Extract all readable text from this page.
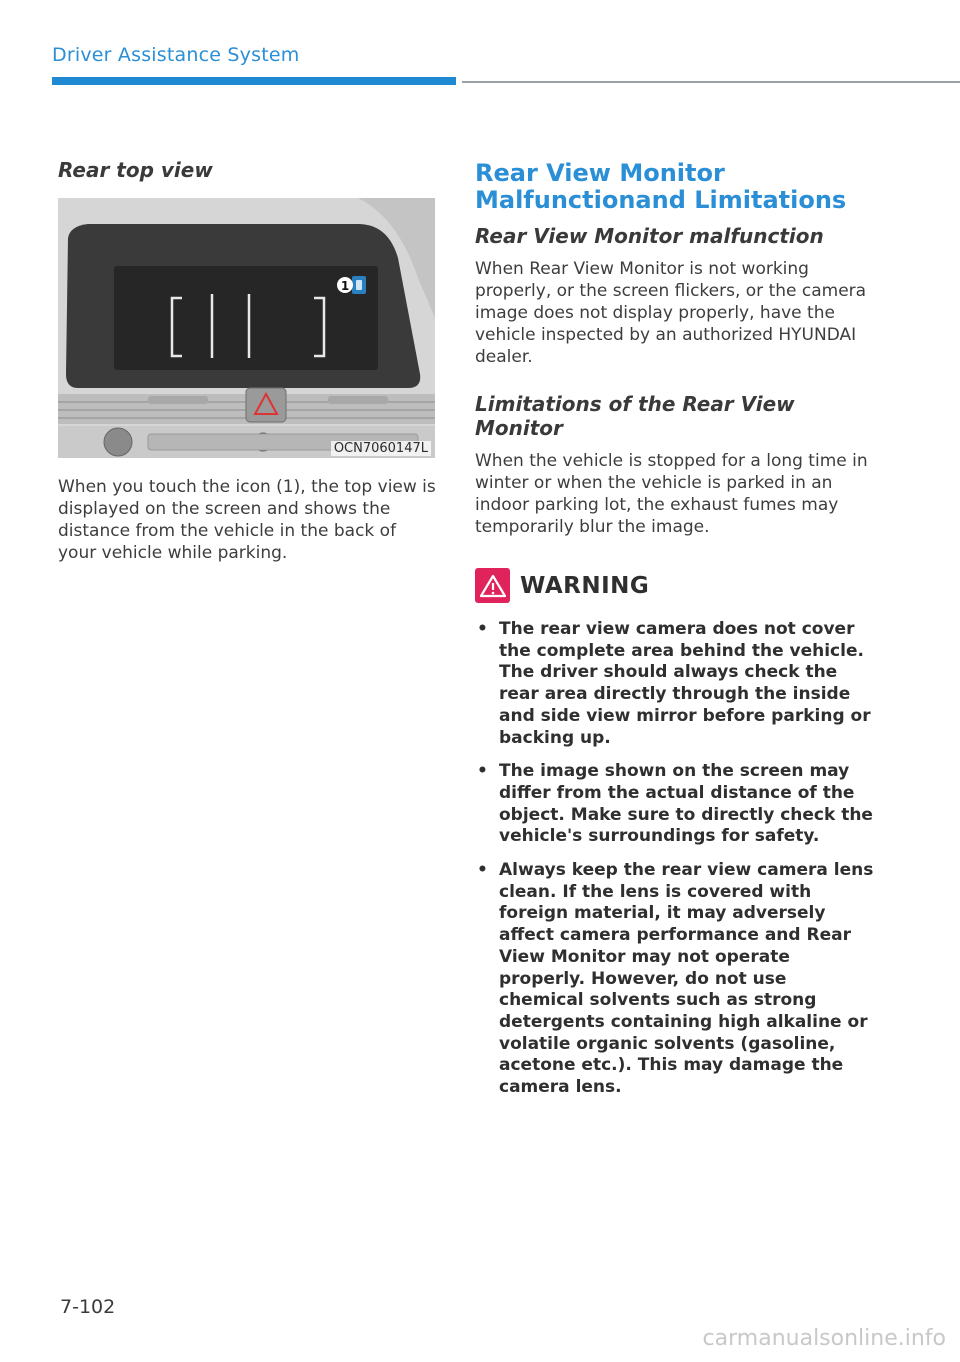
Driver Assistance System
Rear top view
1
OCN7060147L

When you touch the icon (1), the top view is displayed on the screen and shows the distance from the vehicle in the back of your vehicle while parking.

Rear View Monitor Malfunctionand Limitations
Rear View Monitor malfunction

When Rear View Monitor is not working properly, or the screen flickers, or the camera image does not display properly, have the vehicle inspected by an authorized HYUNDAI dealer.

Limitations of the Rear View Monitor

When the vehicle is stopped for a long time in winter or when the vehicle is parked in an indoor parking lot, the exhaust fumes may temporarily blur the image.

WARNING
• The rear view camera does not cover the complete area behind the vehicle. The driver should always check the rear area directly through the inside and side view mirror before parking or backing up.
• The image shown on the screen may differ from the actual distance of the object. Make sure to directly check the vehicle's surroundings for safety.
• Always keep the rear view camera lens clean. If the lens is covered with foreign material, it may adversely affect camera performance and Rear View Monitor may not operate properly. However, do not use chemical solvents such as strong detergents containing high alkaline or volatile organic solvents (gasoline, acetone etc.). This may damage the camera lens.
7-102
carmanualsonline.info
